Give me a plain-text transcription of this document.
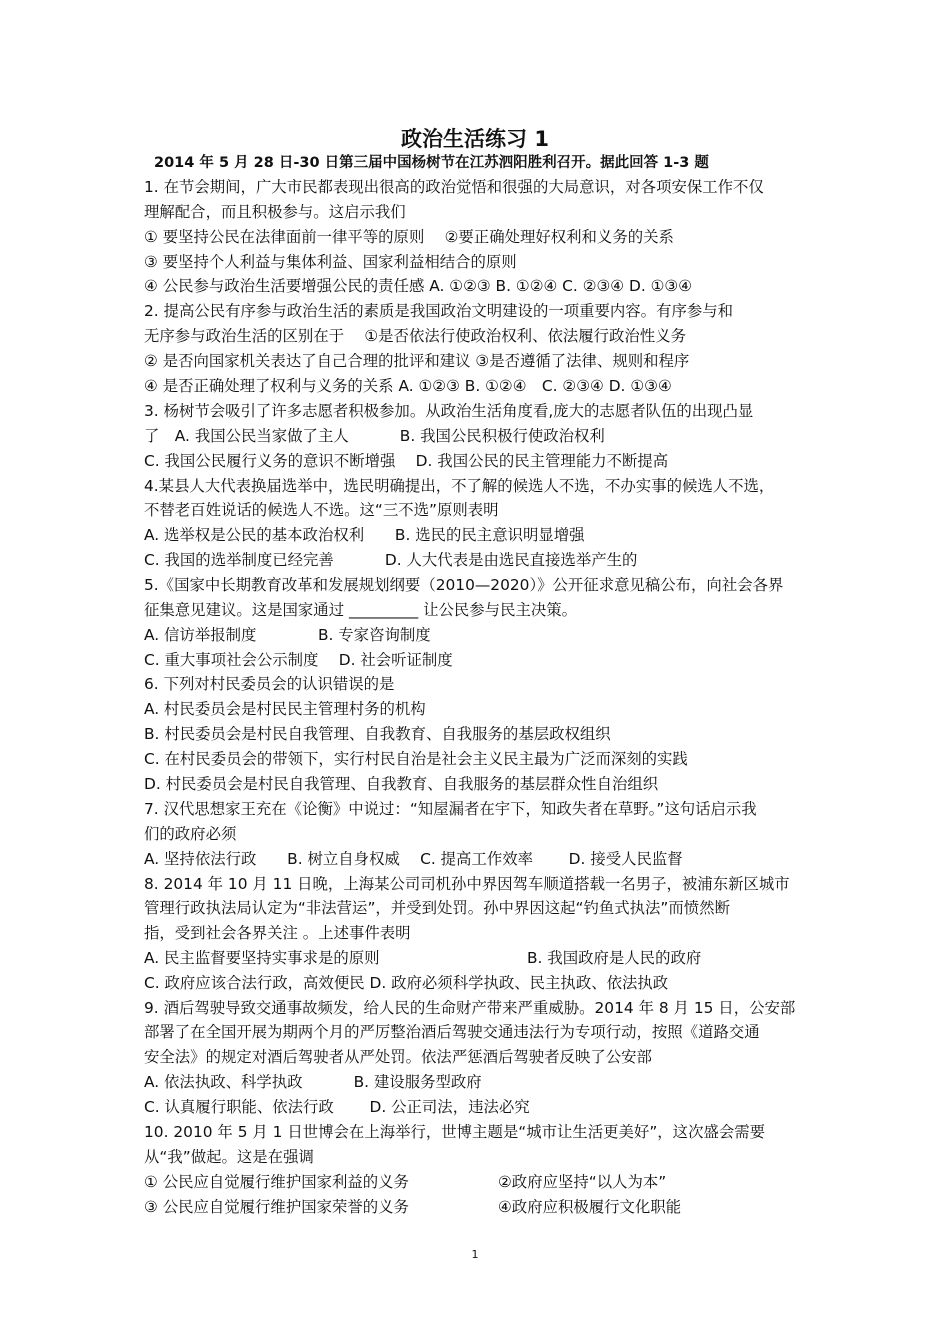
政治生活练习 1
2014 年 5 月 28 日-30 日第三届中国杨树节在江苏泗阳胜利召开。据此回答 1-3 题
1. 在节会期间，广大市民都表现出很高的政治觉悟和很强的大局意识，对各项安保工作不仅
理解配合，而且积极参与。这启示我们
① 要坚持公民在法律面前一律平等的原则　 ②要正确处理好权利和义务的关系
③ 要坚持个人利益与集体利益、国家利益相结合的原则
④ 公民参与政治生活要增强公民的责任感 A. ①②③ B. ①②④ C. ②③④ D. ①③④
2. 提高公民有序参与政治生活的素质是我国政治文明建设的一项重要内容。有序参与和
无序参与政治生活的区别在于　 ①是否依法行使政治权利、依法履行政治性义务
② 是否向国家机关表达了自己合理的批评和建议 ③是否遵循了法律、规则和程序
④ 是否正确处理了权利与义务的关系 A. ①②③ B. ①②④　C. ②③④ D. ①③④
3. 杨树节会吸引了许多志愿者积极参加。从政治生活角度看,庞大的志愿者队伍的出现凸显
了　A. 我国公民当家做了主人　　　 B. 我国公民积极行使政治权利
C. 我国公民履行义务的意识不断增强　 D. 我国公民的民主管理能力不断提高
4.某县人大代表换届选举中，选民明确提出，不了解的候选人不选，不办实事的候选人不选，
不替老百姓说话的候选人不选。这“三不选”原则表明
A. 选举权是公民的基本政治权利　　B. 选民的民主意识明显增强
C. 我国的选举制度已经完善　　　 D. 人大代表是由选民直接选举产生的
5.《国家中长期教育改革和发展规划纲要（2010—2020）》公开征求意见稿公布，向社会各界
征集意见建议。这是国家通过 _________ 让公民参与民主决策。
A. 信访举报制度　　　　B. 专家咨询制度
C. 重大事项社会公示制度　 D. 社会听证制度
6. 下列对村民委员会的认识错误的是
A. 村民委员会是村民民主管理村务的机构
B. 村民委员会是村民自我管理、自我教育、自我服务的基层政权组织
C. 在村民委员会的带领下，实行村民自治是社会主义民主最为广泛而深刻的实践
D. 村民委员会是村民自我管理、自我教育、自我服务的基层群众性自治组织
7. 汉代思想家王充在《论衡》中说过：“知屋漏者在宇下，知政失者在草野。”这句话启示我
们的政府必须
A. 坚持依法行政　　B. 树立自身权威　 C. 提高工作效率　　 D. 接受人民监督
8. 2014 年 10 月 11 日晚，上海某公司司机孙中界因驾车顺道搭载一名男子，被浦东新区城市
管理行政执法局认定为“非法营运”，并受到处罚。孙中界因这起“钓鱼式执法”而愤然断
指，受到社会各界关注 。上述事件表明
A. 民主监督要坚持实事求是的原则	B. 我国政府是人民的政府
C. 政府应该合法行政，高效便民 D. 政府必须科学执政、民主执政、依法执政
9. 酒后驾驶导致交通事故频发，给人民的生命财产带来严重威胁。2014 年 8 月 15 日，公安部
部署了在全国开展为期两个月的严厉整治酒后驾驶交通违法行为专项行动，按照《道路交通
安全法》的规定对酒后驾驶者从严处罚。依法严惩酒后驾驶者反映了公安部
A. 依法执政、科学执政　　　 B. 建设服务型政府
C. 认真履行职能、依法行政　　 D. 公正司法，违法必究
10. 2010 年 5 月 1 日世博会在上海举行，世博主题是“城市让生活更美好”，这次盛会需要
从“我”做起。这是在强调
① 公民应自觉履行维护国家利益的义务	②政府应坚持“以人为本”
③ 公民应自觉履行维护国家荣誉的义务	④政府应积极履行文化职能
1
